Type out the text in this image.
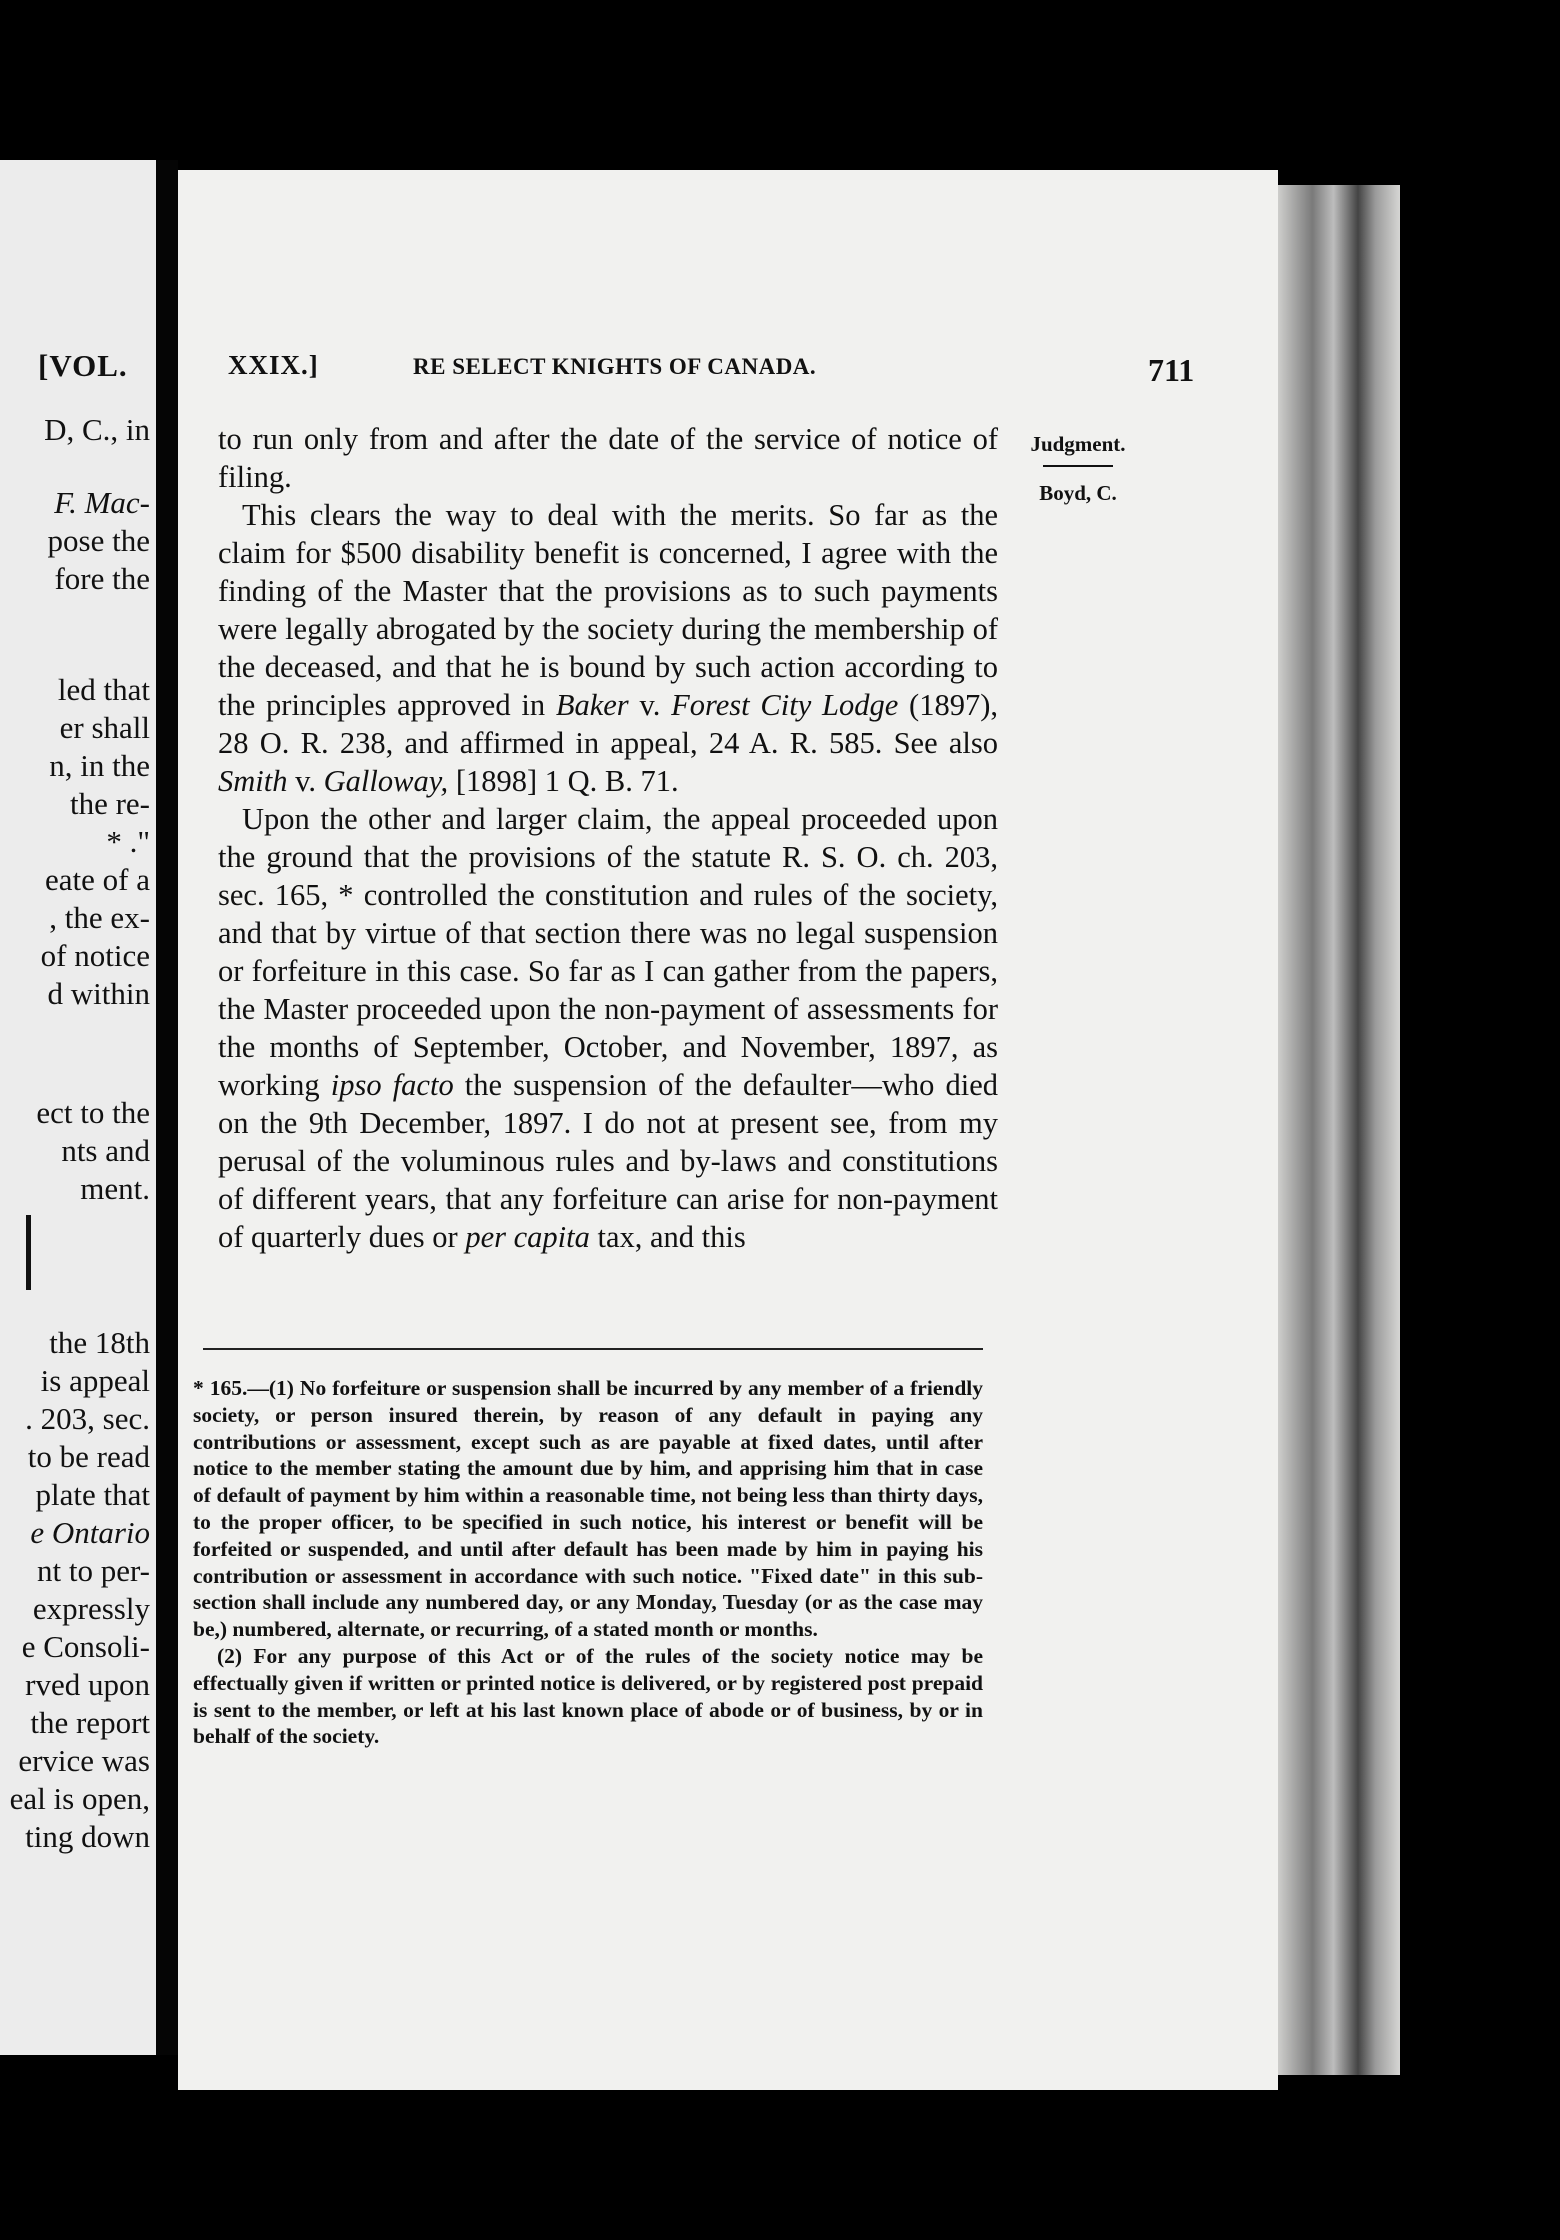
[VOL.
D, C., in
F. Mac-
pose the
fore the
led that
er shall
n, in the
the re-
* ."
eate of a
, the ex-
of notice
d within
ect to the
nts and
ment.
the 18th
is appeal
. 203, sec.
to be read
plate that
e Ontario
nt to per-
expressly
e Consoli-
rved upon
the report
ervice was
eal is open,
ting down
XXIX.]	RE SELECT KNIGHTS OF CANADA.	711
Judgment.
Boyd, C.

to run only from and after the date of the service of notice of filing.

This clears the way to deal with the merits. So far as the claim for $500 disability benefit is concerned, I agree with the finding of the Master that the provisions as to such payments were legally abrogated by the society during the membership of the deceased, and that he is bound by such action according to the principles approved in Baker v. Forest City Lodge (1897), 28 O. R. 238, and affirmed in appeal, 24 A. R. 585. See also Smith v. Galloway, [1898] 1 Q. B. 71.

Upon the other and larger claim, the appeal proceeded upon the ground that the provisions of the statute R. S. O. ch. 203, sec. 165, * controlled the constitution and rules of the society, and that by virtue of that section there was no legal suspension or forfeiture in this case. So far as I can gather from the papers, the Master proceeded upon the non-payment of assessments for the months of September, October, and November, 1897, as working ipso facto the suspension of the defaulter—who died on the 9th December, 1897. I do not at present see, from my perusal of the voluminous rules and by-laws and constitutions of different years, that any forfeiture can arise for non-payment of quarterly dues or per capita tax, and this

* 165.—(1) No forfeiture or suspension shall be incurred by any member of a friendly society, or person insured therein, by reason of any default in paying any contributions or assessment, except such as are payable at fixed dates, until after notice to the member stating the amount due by him, and apprising him that in case of default of payment by him within a reasonable time, not being less than thirty days, to the proper officer, to be specified in such notice, his interest or benefit will be forfeited or suspended, and until after default has been made by him in paying his contribution or assessment in accordance with such notice. "Fixed date" in this sub-section shall include any numbered day, or any Monday, Tuesday (or as the case may be,) numbered, alternate, or recurring, of a stated month or months.

(2) For any purpose of this Act or of the rules of the society notice may be effectually given if written or printed notice is delivered, or by registered post prepaid is sent to the member, or left at his last known place of abode or of business, by or in behalf of the society.
